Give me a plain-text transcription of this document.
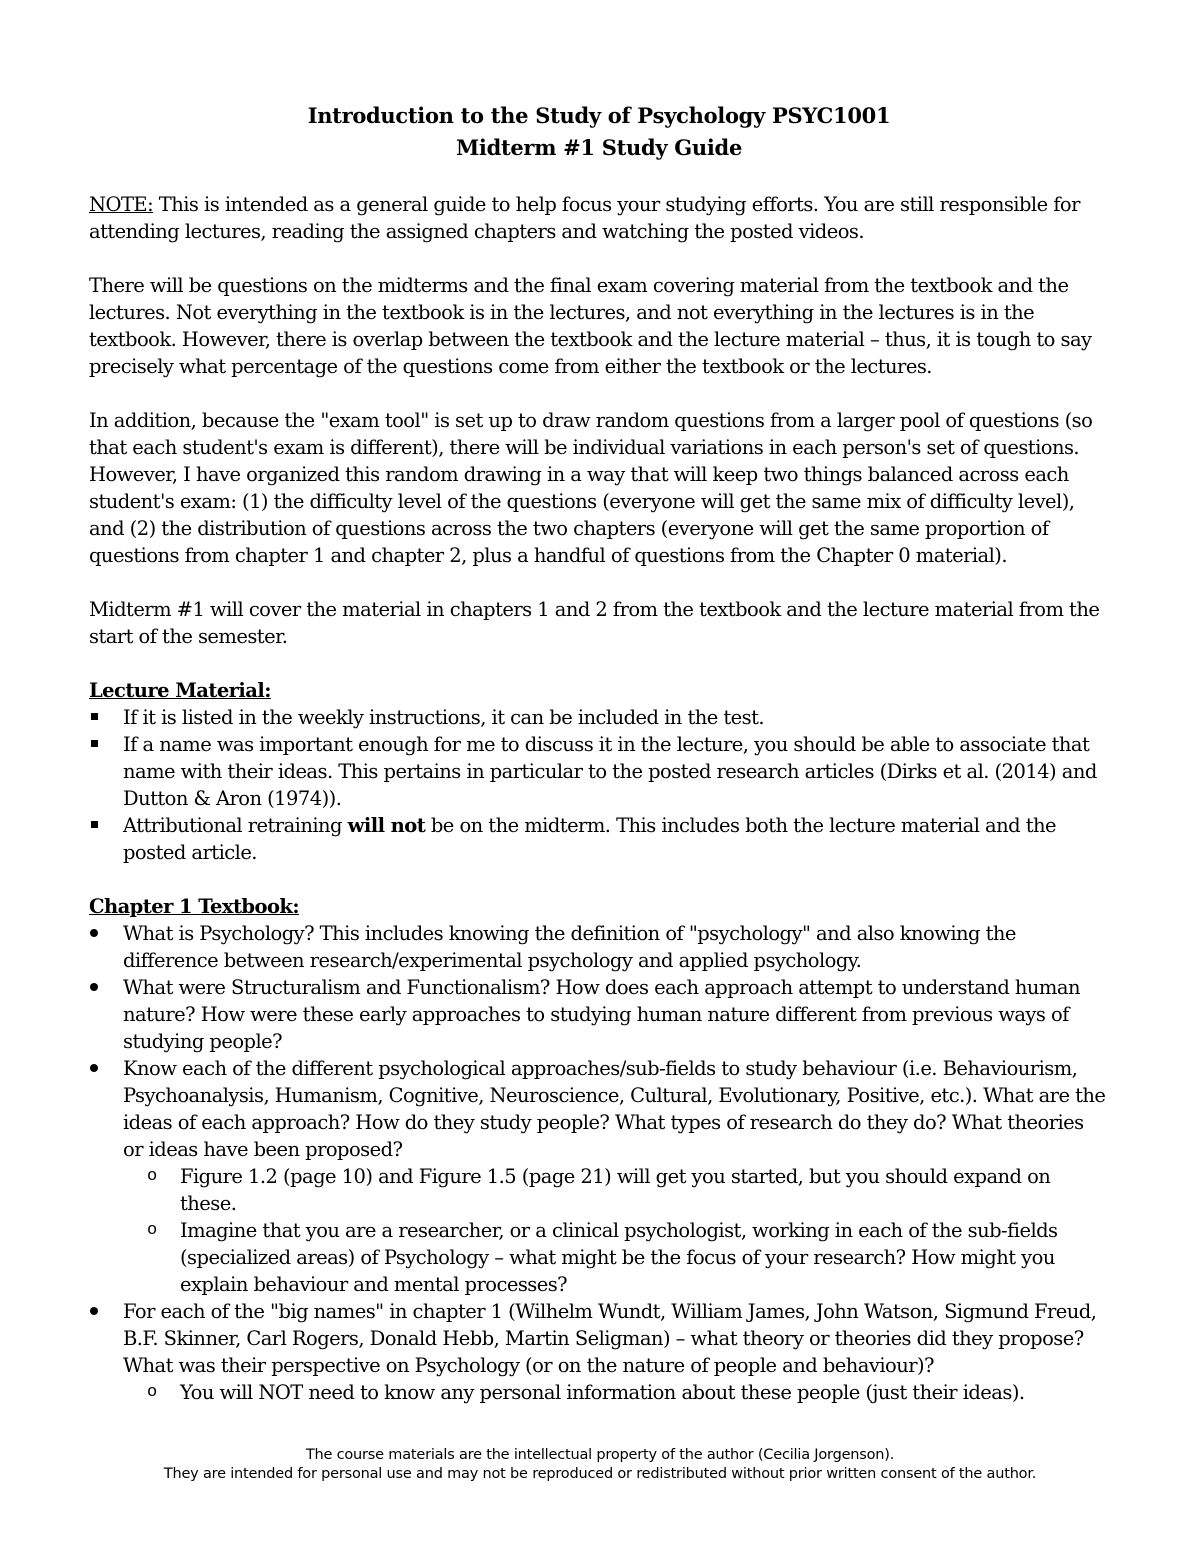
Introduction to the Study of Psychology PSYC1001
Midterm #1 Study Guide

NOTE: This is intended as a general guide to help focus your studying efforts. You are still responsible for attending lectures, reading the assigned chapters and watching the posted videos.

There will be questions on the midterms and the final exam covering material from the textbook and the lectures. Not everything in the textbook is in the lectures, and not everything in the lectures is in the textbook. However, there is overlap between the textbook and the lecture material – thus, it is tough to say precisely what percentage of the questions come from either the textbook or the lectures.

In addition, because the "exam tool" is set up to draw random questions from a larger pool of questions (so that each student's exam is different), there will be individual variations in each person's set of questions. However, I have organized this random drawing in a way that will keep two things balanced across each student's exam: (1) the difficulty level of the questions (everyone will get the same mix of difficulty level), and (2) the distribution of questions across the two chapters (everyone will get the same proportion of questions from chapter 1 and chapter 2, plus a handful of questions from the Chapter 0 material).

Midterm #1 will cover the material in chapters 1 and 2 from the textbook and the lecture material from the start of the semester.

Lecture Material:
If it is listed in the weekly instructions, it can be included in the test.
If a name was important enough for me to discuss it in the lecture, you should be able to associate that name with their ideas. This pertains in particular to the posted research articles (Dirks et al. (2014) and Dutton & Aron (1974)).
Attributional retraining will not be on the midterm. This includes both the lecture material and the posted article.
Chapter 1 Textbook:
What is Psychology? This includes knowing the definition of "psychology" and also knowing the difference between research/experimental psychology and applied psychology.
What were Structuralism and Functionalism? How does each approach attempt to understand human nature? How were these early approaches to studying human nature different from previous ways of studying people?
Know each of the different psychological approaches/sub-fields to study behaviour (i.e. Behaviourism, Psychoanalysis, Humanism, Cognitive, Neuroscience, Cultural, Evolutionary, Positive, etc.). What are the ideas of each approach? How do they study people? What types of research do they do? What theories or ideas have been proposed?
o Figure 1.2 (page 10) and Figure 1.5 (page 21) will get you started, but you should expand on these.
o Imagine that you are a researcher, or a clinical psychologist, working in each of the sub-fields (specialized areas) of Psychology – what might be the focus of your research? How might you explain behaviour and mental processes?
For each of the "big names" in chapter 1 (Wilhelm Wundt, William James, John Watson, Sigmund Freud, B.F. Skinner, Carl Rogers, Donald Hebb, Martin Seligman) – what theory or theories did they propose? What was their perspective on Psychology (or on the nature of people and behaviour)?
o You will NOT need to know any personal information about these people (just their ideas).
The course materials are the intellectual property of the author (Cecilia Jorgenson).
They are intended for personal use and may not be reproduced or redistributed without prior written consent of the author.
